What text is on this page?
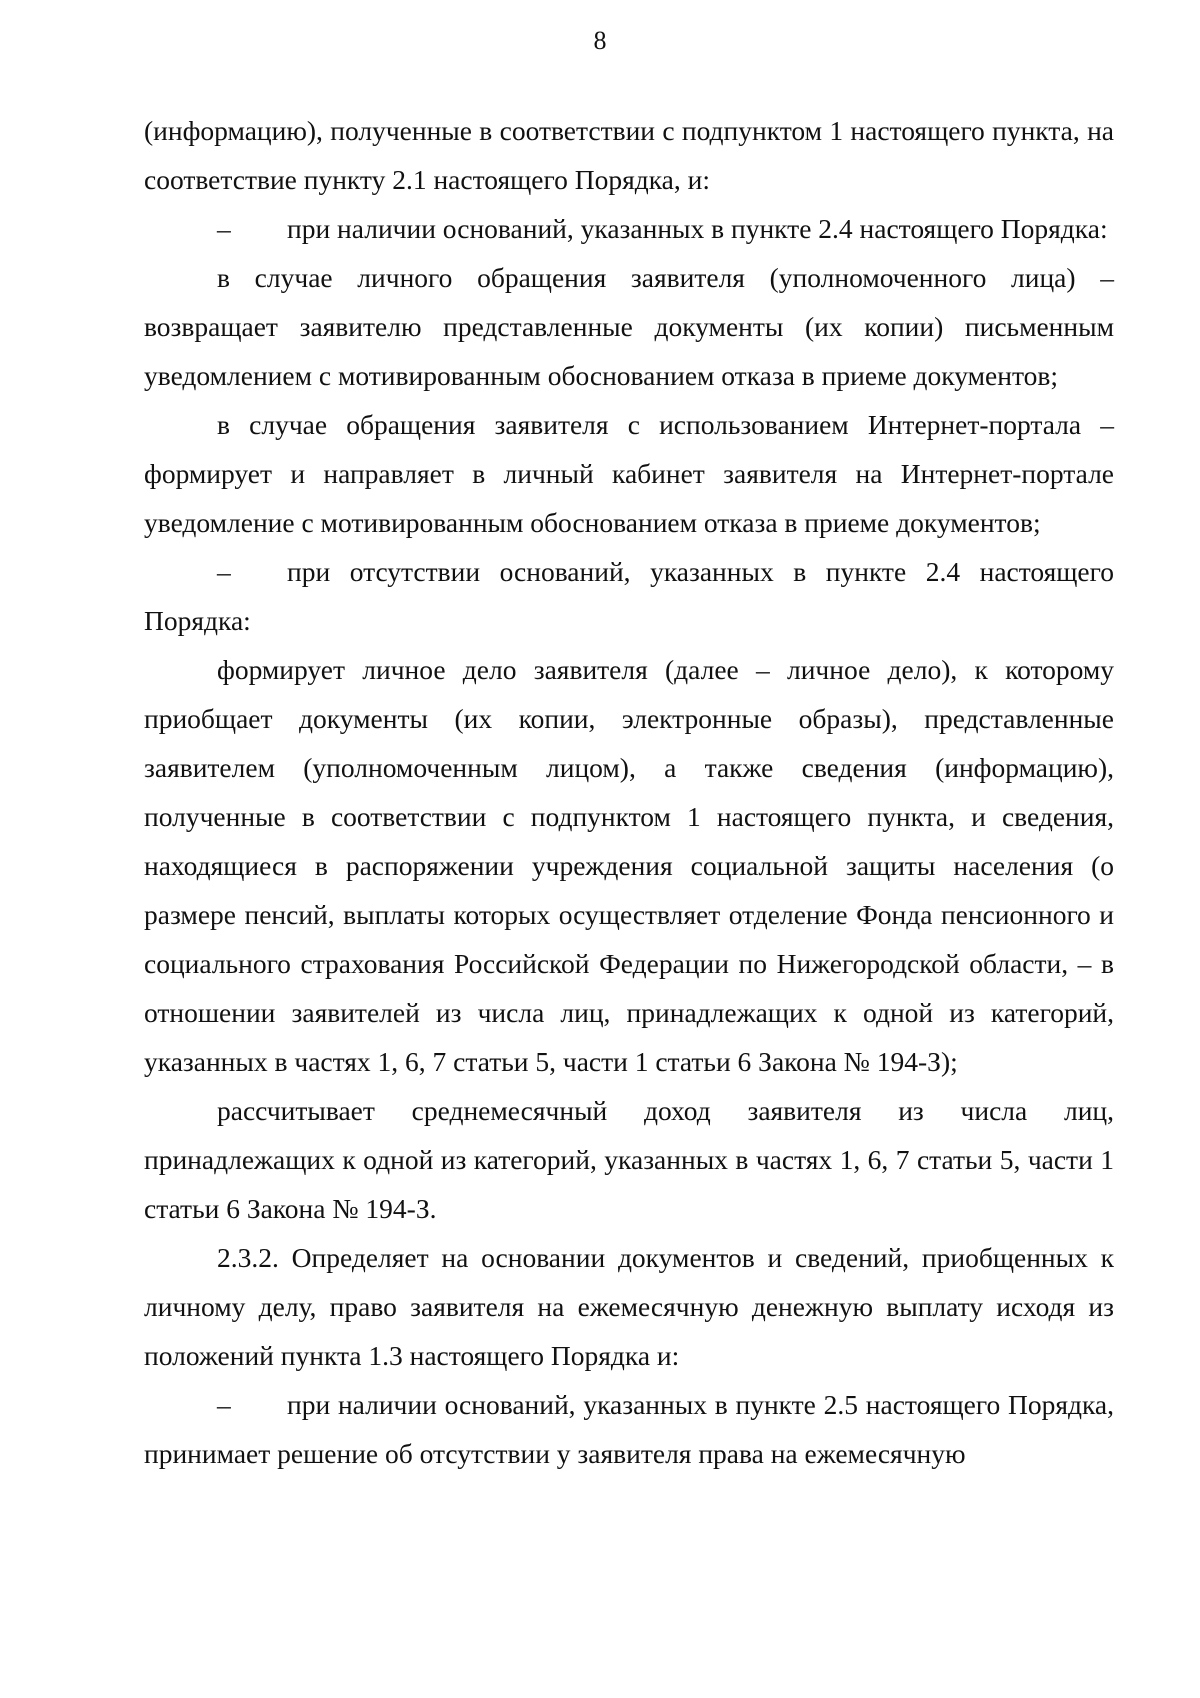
8

(информацию), полученные в соответствии с подпунктом 1 настоящего пункта, на соответствие пункту 2.1 настоящего Порядка, и:

– при наличии оснований, указанных в пункте 2.4 настоящего Порядка:

в случае личного обращения заявителя (уполномоченного лица) – возвращает заявителю представленные документы (их копии) письменным уведомлением с мотивированным обоснованием отказа в приеме документов;

в случае обращения заявителя с использованием Интернет-портала – формирует и направляет в личный кабинет заявителя на Интернет-портале уведомление с мотивированным обоснованием отказа в приеме документов;

– при отсутствии оснований, указанных в пункте 2.4 настоящего Порядка:

формирует личное дело заявителя (далее – личное дело), к которому приобщает документы (их копии, электронные образы), представленные заявителем (уполномоченным лицом), а также сведения (информацию), полученные в соответствии с подпунктом 1 настоящего пункта, и сведения, находящиеся в распоряжении учреждения социальной защиты населения (о размере пенсий, выплаты которых осуществляет отделение Фонда пенсионного и социального страхования Российской Федерации по Нижегородской области, – в отношении заявителей из числа лиц, принадлежащих к одной из категорий, указанных в частях 1, 6, 7 статьи 5, части 1 статьи 6 Закона № 194-З);

рассчитывает среднемесячный доход заявителя из числа лиц, принадлежащих к одной из категорий, указанных в частях 1, 6, 7 статьи 5, части 1 статьи 6 Закона № 194-З.

2.3.2. Определяет на основании документов и сведений, приобщенных к личному делу, право заявителя на ежемесячную денежную выплату исходя из положений пункта 1.3 настоящего Порядка и:

– при наличии оснований, указанных в пункте 2.5 настоящего Порядка, принимает решение об отсутствии у заявителя права на ежемесячную
